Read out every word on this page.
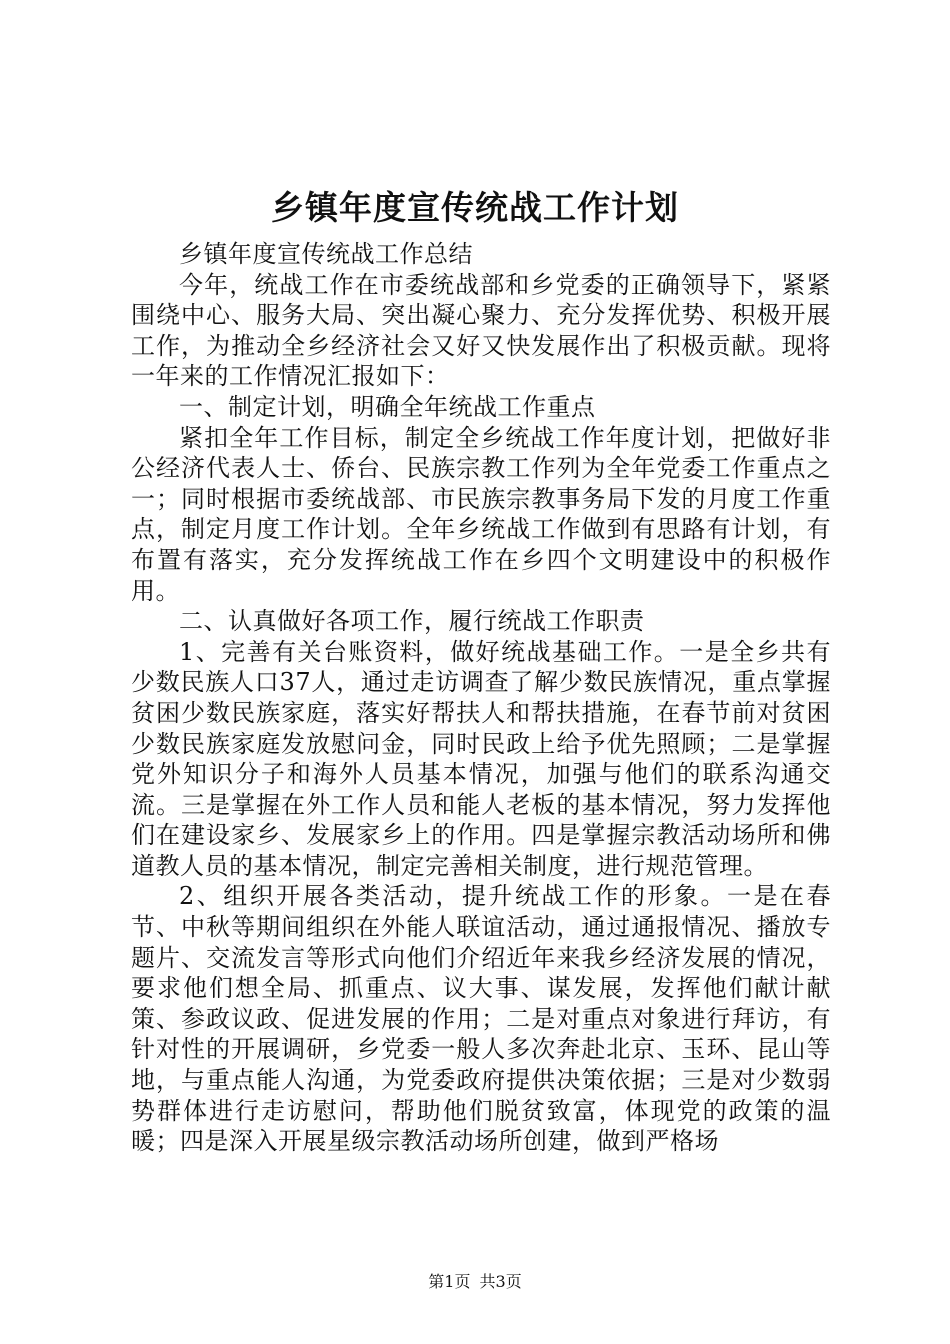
乡镇年度宣传统战工作计划

乡镇年度宣传统战工作总结

今年，统战工作在市委统战部和乡党委的正确领导下，紧紧围绕中心、服务大局、突出凝心聚力、充分发挥优势、积极开展工作，为推动全乡经济社会又好又快发展作出了积极贡献。现将一年来的工作情况汇报如下：

一、制定计划，明确全年统战工作重点

紧扣全年工作目标，制定全乡统战工作年度计划，把做好非公经济代表人士、侨台、民族宗教工作列为全年党委工作重点之一；同时根据市委统战部、市民族宗教事务局下发的月度工作重点，制定月度工作计划。全年乡统战工作做到有思路有计划，有布置有落实，充分发挥统战工作在乡四个文明建设中的积极作用。

二、认真做好各项工作，履行统战工作职责

1、完善有关台账资料，做好统战基础工作。一是全乡共有少数民族人口37人，通过走访调查了解少数民族情况，重点掌握贫困少数民族家庭，落实好帮扶人和帮扶措施，在春节前对贫困少数民族家庭发放慰问金，同时民政上给予优先照顾；二是掌握党外知识分子和海外人员基本情况，加强与他们的联系沟通交流。三是掌握在外工作人员和能人老板的基本情况，努力发挥他们在建设家乡、发展家乡上的作用。四是掌握宗教活动场所和佛道教人员的基本情况，制定完善相关制度，进行规范管理。

2、组织开展各类活动，提升统战工作的形象。一是在春节、中秋等期间组织在外能人联谊活动，通过通报情况、播放专题片、交流发言等形式向他们介绍近年来我乡经济发展的情况，要求他们想全局、抓重点、议大事、谋发展，发挥他们献计献策、参政议政、促进发展的作用；二是对重点对象进行拜访，有针对性的开展调研，乡党委一般人多次奔赴北京、玉环、昆山等地，与重点能人沟通，为党委政府提供决策依据；三是对少数弱势群体进行走访慰问，帮助他们脱贫致富，体现党的政策的温暖；四是深入开展星级宗教活动场所创建，做到严格场

第1页 共3页
